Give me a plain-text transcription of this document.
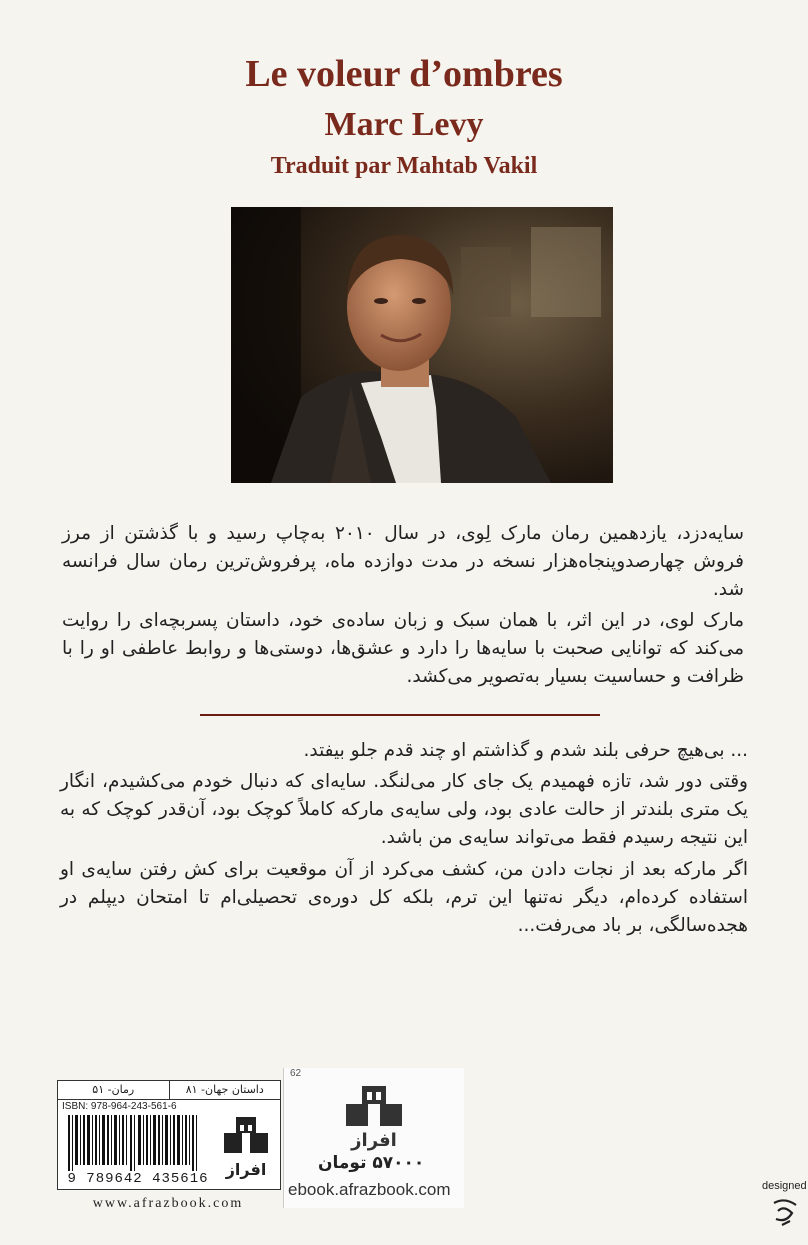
Le voleur d’ombres
Marc Levy
Traduit par Mahtab Vakil
سایه‌دزد، یازدهمین رمان مارک لِوی، در سال ۲۰۱۰ به‌چاپ رسید و با گذشتن از مرز فروش چهارصدوپنجاه‌هزار نسخه در مدت دوازده ماه، پرفروش‌ترین رمان سال فرانسه شد.
مارک لوی، در این اثر، با همان سبک و زبان ساده‌ی خود، داستان پسربچه‌ای را روایت می‌کند که توانایی صحبت با سایه‌ها را دارد و عشق‌ها، دوستی‌ها و روابط عاطفی او را با ظرافت و حساسیت بسیار به‌تصویر می‌کشد.
... بی‌هیچ حرفی بلند شدم و گذاشتم او چند قدم جلو بیفتد.
وقتی دور شد، تازه فهمیدم یک جای کار می‌لنگد. سایه‌ای که دنبال خودم می‌کشیدم، انگار یک متری بلندتر از حالت عادی بود، ولی سایه‌ی مارکه کاملاً کوچک بود، آن‌قدر کوچک که به این نتیجه رسیدم فقط می‌تواند سایه‌ی من باشد.
اگر مارکه بعد از نجات دادن من، کشف می‌کرد از آن موقعیت برای کش رفتن سایه‌ی او استفاده کرده‌ام، دیگر نه‌تنها این ترم، بلکه کل دوره‌ی تحصیلی‌ام تا امتحان دیپلم در هجده‌سالگی، بر باد می‌رفت...
داستان جهان- ۸۱
رمان- ۵۱
ISBN: 978-964-243-561-6
9 789642 435616	افراز
www.afrazbook.com
62
افراز
۵۷۰۰۰ تومان
ebook.afrazbook.com	designed
